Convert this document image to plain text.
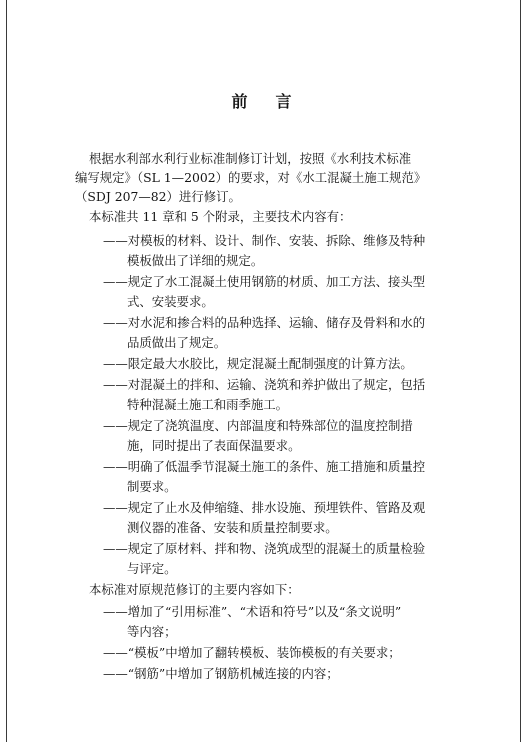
前言
根据水利部水利行业标准制修订计划，按照《水利技术标准
编写规定》（SL 1—2002）的要求，对《水工混凝土施工规范》
（SDJ 207—82）进行修订。
本标准共 11 章和 5 个附录，主要技术内容有：
——对模板的材料、设计、制作、安装、拆除、维修及特种
模板做出了详细的规定。
——规定了水工混凝土使用钢筋的材质、加工方法、接头型
式、安装要求。
——对水泥和掺合料的品种选择、运输、储存及骨料和水的
品质做出了规定。
——限定最大水胶比，规定混凝土配制强度的计算方法。
——对混凝土的拌和、运输、浇筑和养护做出了规定，包括
特种混凝土施工和雨季施工。
——规定了浇筑温度、内部温度和特殊部位的温度控制措
施，同时提出了表面保温要求。
——明确了低温季节混凝土施工的条件、施工措施和质量控
制要求。
——规定了止水及伸缩缝、排水设施、预埋铁件、管路及观
测仪器的准备、安装和质量控制要求。
——规定了原材料、拌和物、浇筑成型的混凝土的质量检验
与评定。
本标准对原规范修订的主要内容如下：
——增加了“引用标准”、“术语和符号”以及“条文说明”
等内容；
——“模板”中增加了翻转模板、装饰模板的有关要求；
——“钢筋”中增加了钢筋机械连接的内容；
